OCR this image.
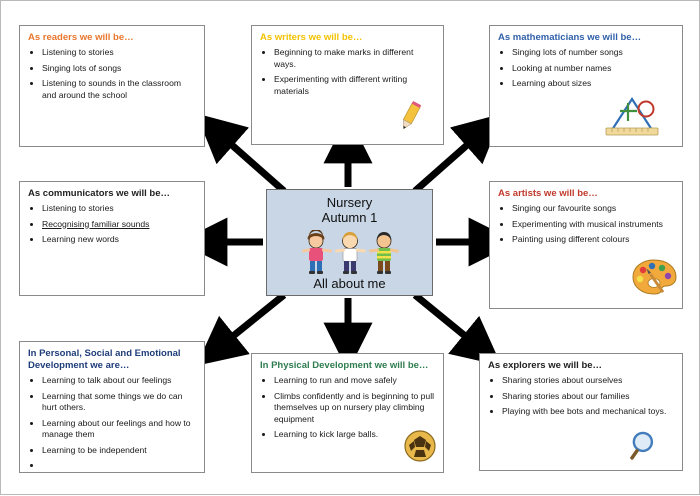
Nursery
Autumn 1
All about me
As readers we will be…
• Listening to stories
• Singing lots of songs
• Listening to sounds in the classroom and around the school
As writers we will be…
• Beginning to make marks in different ways.
• Experimenting with different writing materials
As mathematicians we will be…
• Singing lots of number songs
• Looking at number names
• Learning about sizes
As communicators we will be…
• Listening to stories
• Recognising familiar sounds
• Learning new words
As artists we will be…
• Singing our favourite songs
• Experimenting with musical instruments
• Painting using different colours
In Personal, Social and Emotional Development we are…
• Learning to talk about our feelings
• Learning that some things we do can hurt others.
• Learning about our feelings and how to manage them
• Learning to be independent
•
In Physical Development we will be…
• Learning to run and move safely
• Climbs confidently and is beginning to pull themselves up on nursery play climbing equipment
• Learning to kick large balls.
As explorers we will be…
• Sharing stories about ourselves
• Sharing stories about our families
• Playing with bee bots and mechanical toys.
